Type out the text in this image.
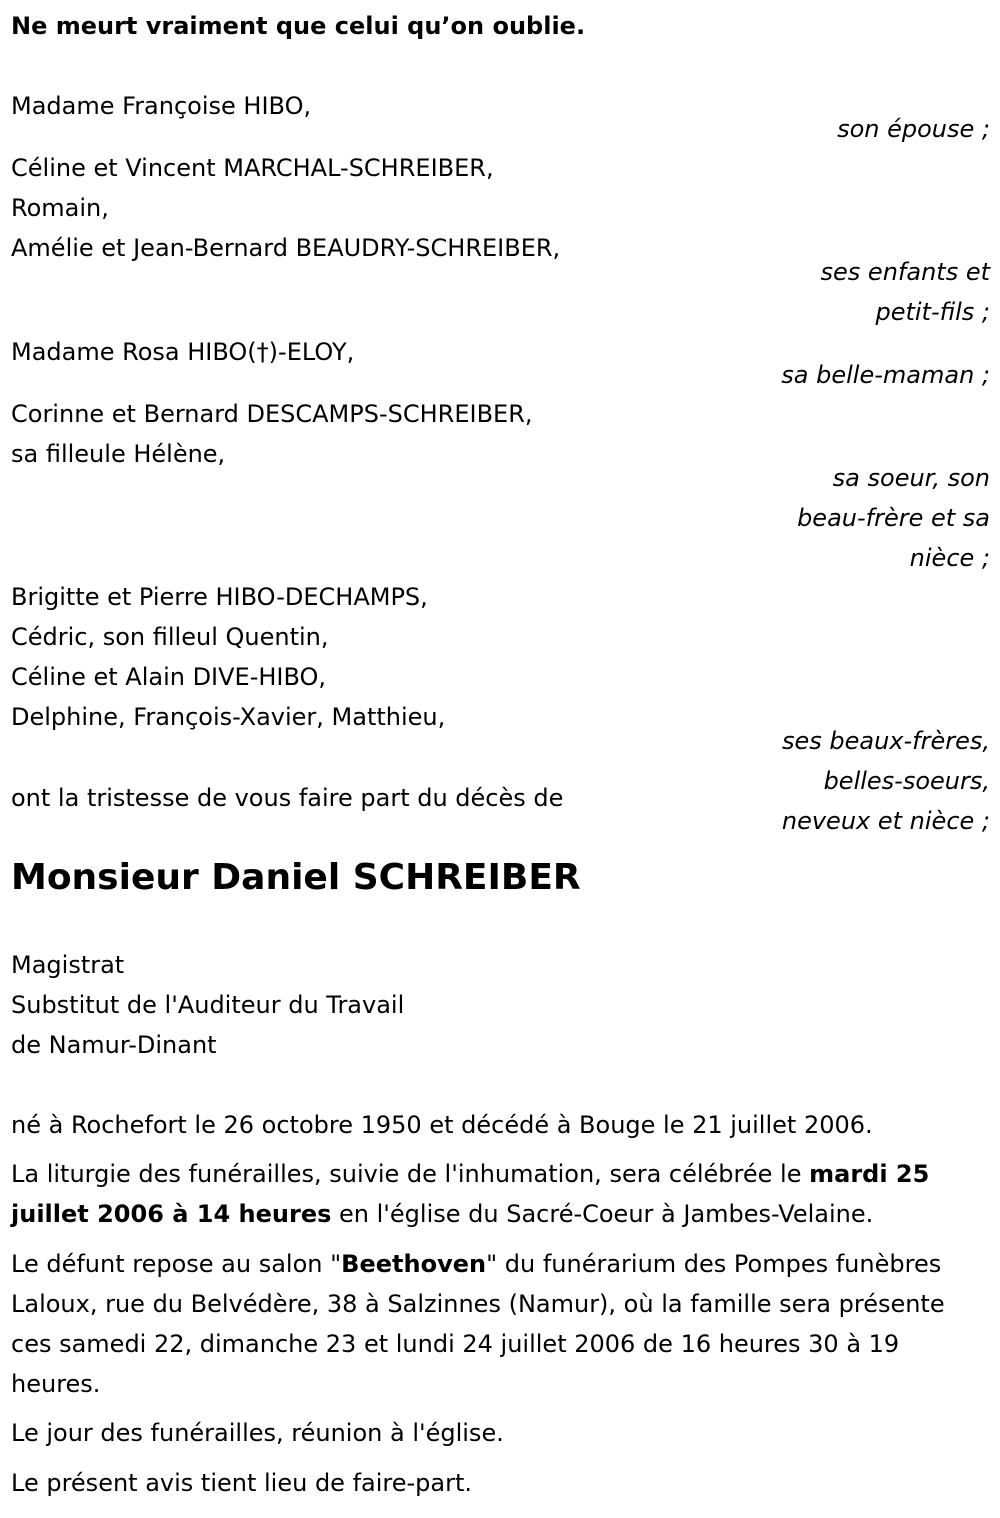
Ne meurt vraiment que celui qu’on oublie.
Madame Françoise HIBO,
son épouse ;
Céline et Vincent MARCHAL-SCHREIBER,
Romain,
Amélie et Jean-Bernard BEAUDRY-SCHREIBER,
ses enfants et
petit-fils ;
Madame Rosa HIBO(†)-ELOY,
sa belle-maman ;
Corinne et Bernard DESCAMPS-SCHREIBER,
sa filleule Hélène,
sa soeur, son
beau-frère et sa
nièce ;
Brigitte et Pierre HIBO-DECHAMPS,
Cédric, son filleul Quentin,
Céline et Alain DIVE-HIBO,
Delphine, François-Xavier, Matthieu,
ses beaux-frères,
belles-soeurs,
neveux et nièce ;
ont la tristesse de vous faire part du décès de
Monsieur Daniel SCHREIBER
Magistrat
Substitut de l'Auditeur du Travail
de Namur-Dinant
né à Rochefort le 26 octobre 1950 et décédé à Bouge le 21 juillet 2006.
La liturgie des funérailles, suivie de l'inhumation, sera célébrée le mardi 25 juillet 2006 à 14 heures en l'église du Sacré-Coeur à Jambes-Velaine.
Le défunt repose au salon "Beethoven" du funérarium des Pompes funèbres Laloux, rue du Belvédère, 38 à Salzinnes (Namur), où la famille sera présente ces samedi 22, dimanche 23 et lundi 24 juillet 2006 de 16 heures 30 à 19 heures.
Le jour des funérailles, réunion à l'église.
Le présent avis tient lieu de faire-part.
